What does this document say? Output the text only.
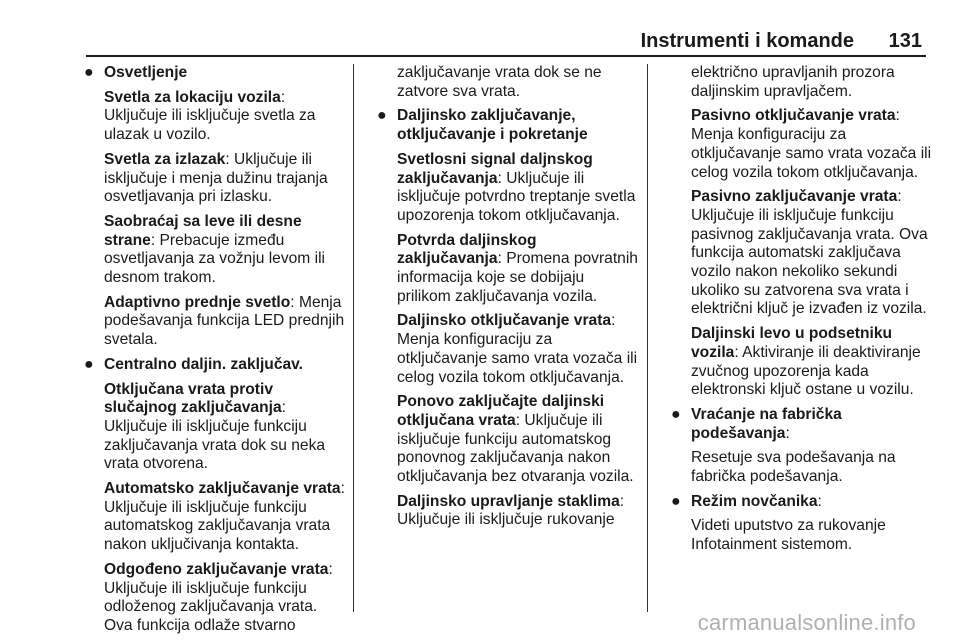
Instrumenti i komande 131
● Osvetljenje

Svetla za lokaciju vozila: Uključuje ili isključuje svetla za ulazak u vozilo.

Svetla za izlazak: Uključuje ili isključuje i menja dužinu trajanja osvetljavanja pri izlasku.

Saobraćaj sa leve ili desne strane: Prebacuje između osvetljavanja za vožnju levom ili desnom trakom.

Adaptivno prednje svetlo: Menja podešavanja funkcija LED prednjih svetala.

● Centralno daljin. zaključav.

Otključana vrata protiv slučajnog zaključavanja: Uključuje ili isključuje funkciju zaključavanja vrata dok su neka vrata otvorena.

Automatsko zaključavanje vrata: Uključuje ili isključuje funkciju automatskog zaključavanja vrata nakon uključivanja kontakta.

Odgođeno zaključavanje vrata: Uključuje ili isključuje funkciju odloženog zaključavanja vrata. Ova funkcija odlaže stvarno

zaključavanje vrata dok se ne zatvore sva vrata.

● Daljinsko zaključavanje, otključavanje i pokretanje

Svetlosni signal daljnskog zaključavanja: Uključuje ili isključuje potvrdno treptanje svetla upozorenja tokom otključavanja.

Potvrda daljinskog zaključavanja: Promena povratnih informacija koje se dobijaju prilikom zaključavanja vozila.

Daljinsko otključavanje vrata: Menja konfiguraciju za otključavanje samo vrata vozača ili celog vozila tokom otključavanja.

Ponovo zaključajte daljinski otključana vrata: Uključuje ili isključuje funkciju automatskog ponovnog zaključavanja nakon otključavanja bez otvaranja vozila.

Daljinsko upravljanje staklima: Uključuje ili isključuje rukovanje

električno upravljanih prozora daljinskim upravljačem.

Pasivno otključavanje vrata: Menja konfiguraciju za otključavanje samo vrata vozača ili celog vozila tokom otključavanja.

Pasivno zaključavanje vrata: Uključuje ili isključuje funkciju pasivnog zaključavanja vrata. Ova funkcija automatski zaključava vozilo nakon nekoliko sekundi ukoliko su zatvorena sva vrata i električni ključ je izvađen iz vozila.

Daljinski levo u podsetniku vozila: Aktiviranje ili deaktiviranje zvučnog upozorenja kada elektronski ključ ostane u vozilu.

● Vraćanje na fabrička podešavanja:

Resetuje sva podešavanja na fabrička podešavanja.

● Režim novčanika:

Videti uputstvo za rukovanje Infotainment sistemom.

carmanualsonline.info
